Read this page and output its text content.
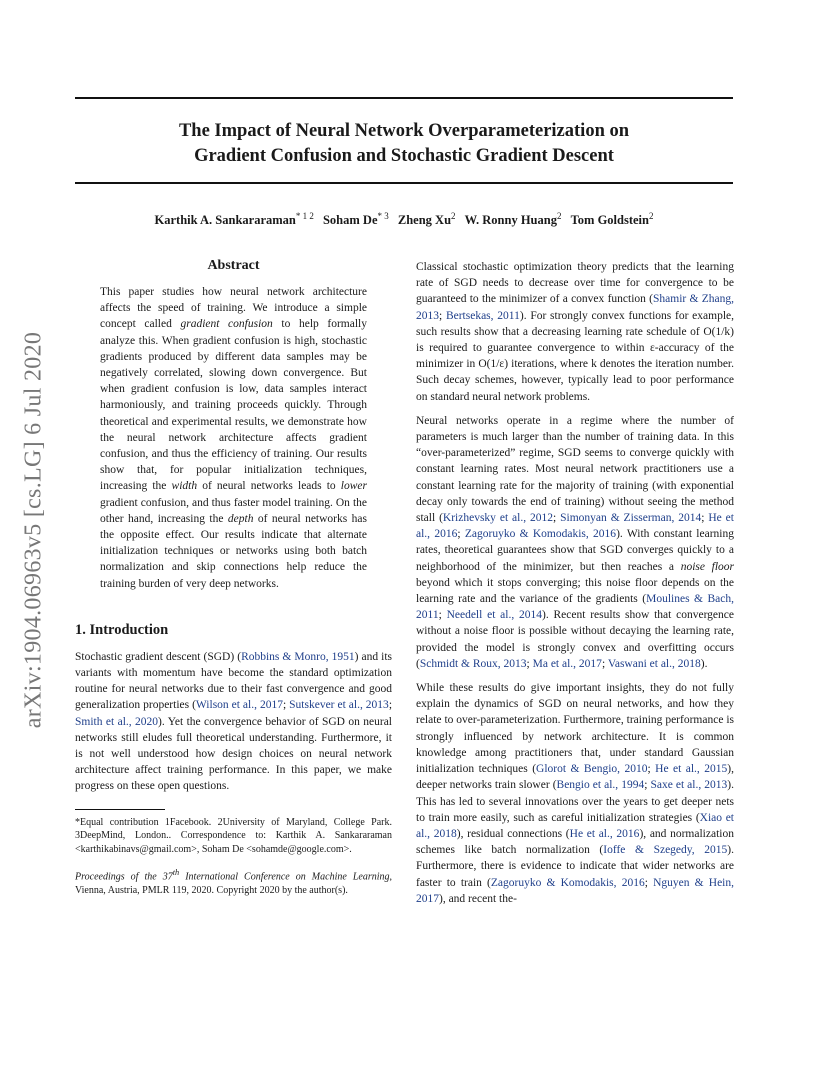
The Impact of Neural Network Overparameterization on
Gradient Confusion and Stochastic Gradient Descent
Karthik A. Sankararaman$^{* 1 2}$ Soham De$^{* 3}$ Zheng Xu$^2$ W. Ronny Huang$^2$ Tom Goldstein$^2$
arXiv:1904.06963v5 [cs.LG] 6 Jul 2020
Abstract

This paper studies how neural network architecture affects the speed of training. We introduce a simple concept called gradient confusion to help formally analyze this. When gradient confusion is high, stochastic gradients produced by different data samples may be negatively correlated, slowing down convergence. But when gradient confusion is low, data samples interact harmoniously, and training proceeds quickly. Through theoretical and experimental results, we demonstrate how the neural network architecture affects gradient confusion, and thus the efficiency of training. Our results show that, for popular initialization techniques, increasing the width of neural networks leads to lower gradient confusion, and thus faster model training. On the other hand, increasing the depth of neural networks has the opposite effect. Our results indicate that alternate initialization techniques or networks using both batch normalization and skip connections help reduce the training burden of very deep networks.

1. Introduction

Stochastic gradient descent (SGD) (Robbins & Monro, 1951) and its variants with momentum have become the standard optimization routine for neural networks due to their fast convergence and good generalization properties (Wilson et al., 2017; Sutskever et al., 2013; Smith et al., 2020). Yet the convergence behavior of SGD on neural networks still eludes full theoretical understanding. Furthermore, it is not well understood how design choices on neural network architecture affect training performance. In this paper, we make progress on these open questions.

*Equal contribution 1Facebook. 2University of Maryland, College Park. 3DeepMind, London.. Correspondence to: Karthik A. Sankararaman <karthikabinavs@gmail.com>, Soham De <sohamde@google.com>.

Proceedings of the 37th International Conference on Machine Learning, Vienna, Austria, PMLR 119, 2020. Copyright 2020 by the author(s).

Classical stochastic optimization theory predicts that the learning rate of SGD needs to decrease over time for convergence to be guaranteed to the minimizer of a convex function (Shamir & Zhang, 2013; Bertsekas, 2011). For strongly convex functions for example, such results show that a decreasing learning rate schedule of O(1/k) is required to guarantee convergence to within ε-accuracy of the minimizer in O(1/ε) iterations, where k denotes the iteration number. Such decay schemes, however, typically lead to poor performance on standard neural network problems.

Neural networks operate in a regime where the number of parameters is much larger than the number of training data. In this “over-parameterized” regime, SGD seems to converge quickly with constant learning rates. Most neural network practitioners use a constant learning rate for the majority of training (with exponential decay only towards the end of training) without seeing the method stall (Krizhevsky et al., 2012; Simonyan & Zisserman, 2014; He et al., 2016; Zagoruyko & Komodakis, 2016). With constant learning rates, theoretical guarantees show that SGD converges quickly to a neighborhood of the minimizer, but then reaches a noise floor beyond which it stops converging; this noise floor depends on the learning rate and the variance of the gradients (Moulines & Bach, 2011; Needell et al., 2014). Recent results show that convergence without a noise floor is possible without decaying the learning rate, provided the model is strongly convex and overfitting occurs (Schmidt & Roux, 2013; Ma et al., 2017; Vaswani et al., 2018).

While these results do give important insights, they do not fully explain the dynamics of SGD on neural networks, and how they relate to over-parameterization. Furthermore, training performance is strongly influenced by network architecture. It is common knowledge among practitioners that, under standard Gaussian initialization techniques (Glorot & Bengio, 2010; He et al., 2015), deeper networks train slower (Bengio et al., 1994; Saxe et al., 2013). This has led to several innovations over the years to get deeper nets to train more easily, such as careful initialization strategies (Xiao et al., 2018), residual connections (He et al., 2016), and normalization schemes like batch normalization (Ioffe & Szegedy, 2015). Furthermore, there is evidence to indicate that wider networks are faster to train (Zagoruyko & Komodakis, 2016; Nguyen & Hein, 2017), and recent the-
